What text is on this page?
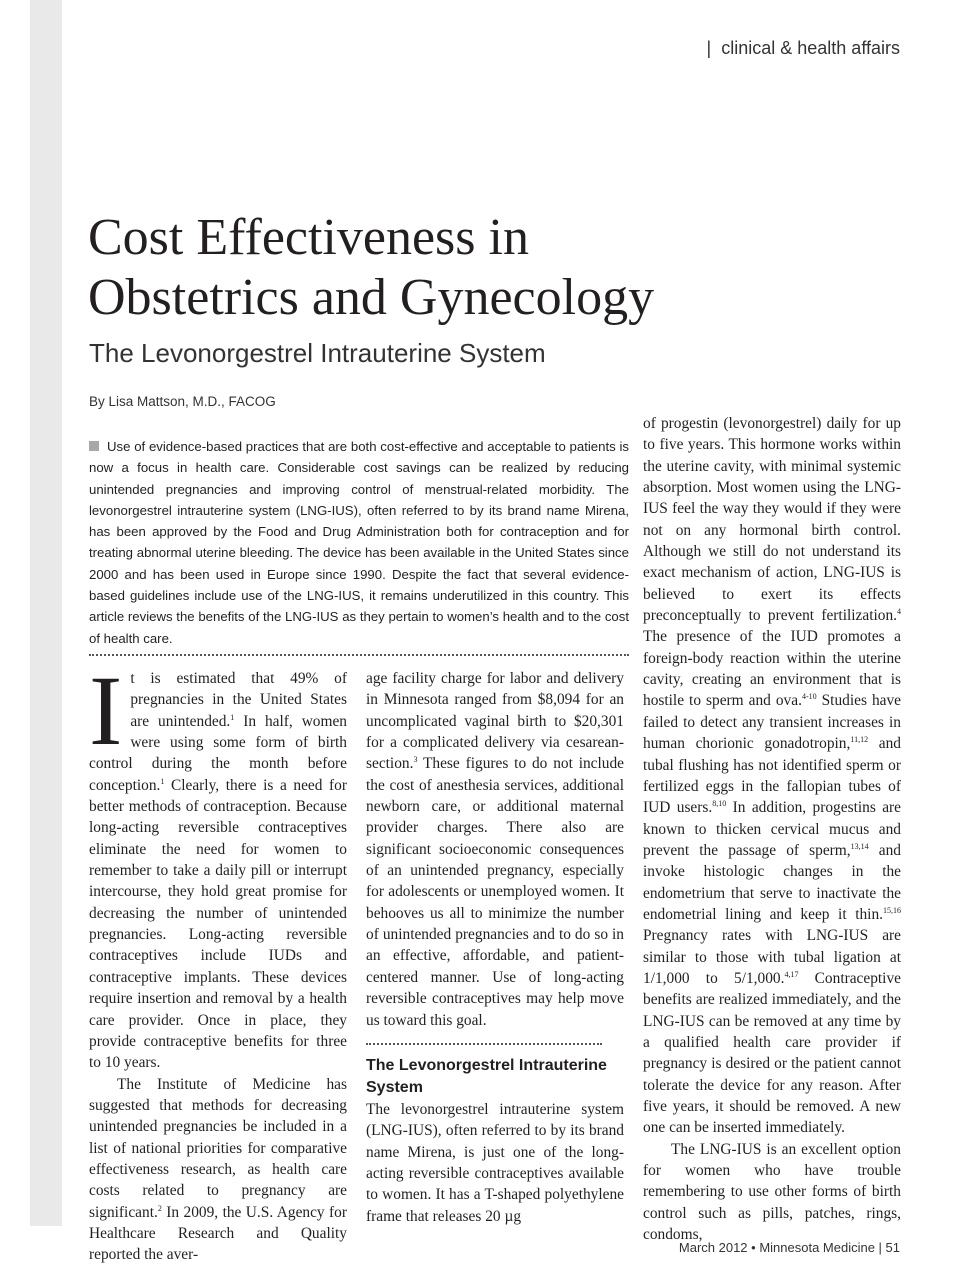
| clinical & health affairs
Cost Effectiveness in
Obstetrics and Gynecology
The Levonorgestrel Intrauterine System
By Lisa Mattson, M.D., FACOG

Use of evidence-based practices that are both cost-effective and acceptable to patients is now a focus in health care. Considerable cost savings can be realized by reducing unintended pregnancies and improving control of menstrual-related morbidity. The levonorgestrel intrauterine system (LNG-IUS), often referred to by its brand name Mirena, has been approved by the Food and Drug Administration both for contraception and for treating abnormal uterine bleeding. The device has been available in the United States since 2000 and has been used in Europe since 1990. Despite the fact that several evidence-based guidelines include use of the LNG-IUS, it remains underutilized in this country. This article reviews the benefits of the LNG-IUS as they pertain to women’s health and to the cost of health care.

It is estimated that 49% of pregnancies in the United States are unintended.$^1$ In half, women were using some form of birth control during the month before conception.$^1$ Clearly, there is a need for better methods of contraception. Because long-acting reversible contraceptives eliminate the need for women to remember to take a daily pill or interrupt intercourse, they hold great promise for decreasing the number of unintended pregnancies. Long-acting reversible contraceptives include IUDs and contraceptive implants. These devices require insertion and removal by a health care provider. Once in place, they provide contraceptive benefits for three to 10 years.

The Institute of Medicine has suggested that methods for decreasing unintended pregnancies be included in a list of national priorities for comparative effectiveness research, as health care costs related to pregnancy are significant.$^2$ In 2009, the U.S. Agency for Healthcare Research and Quality reported the aver-

age facility charge for labor and delivery in Minnesota ranged from $8,094 for an uncomplicated vaginal birth to $20,301 for a complicated delivery via cesarean-section.$^3$ These figures to do not include the cost of anesthesia services, additional newborn care, or additional maternal provider charges. There also are significant socioeconomic consequences of an unintended pregnancy, especially for adolescents or unemployed women. It behooves us all to minimize the number of unintended pregnancies and to do so in an effective, affordable, and patient-centered manner. Use of long-acting reversible contraceptives may help move us toward this goal.

The Levonorgestrel Intrauterine System

The levonorgestrel intrauterine system (LNG-IUS), often referred to by its brand name Mirena, is just one of the long-acting reversible contraceptives available to women. It has a T-shaped polyethylene frame that releases 20 µg

of progestin (levonorgestrel) daily for up to five years. This hormone works within the uterine cavity, with minimal systemic absorption. Most women using the LNG-IUS feel the way they would if they were not on any hormonal birth control. Although we still do not understand its exact mechanism of action, LNG-IUS is believed to exert its effects preconceptually to prevent fertilization.$^4$ The presence of the IUD promotes a foreign-body reaction within the uterine cavity, creating an environment that is hostile to sperm and ova.$^{4-10}$ Studies have failed to detect any transient increases in human chorionic gonadotropin,$^{11,12}$ and tubal flushing has not identified sperm or fertilized eggs in the fallopian tubes of IUD users.$^{8,10}$ In addition, progestins are known to thicken cervical mucus and prevent the passage of sperm,$^{13,14}$ and invoke histologic changes in the endometrium that serve to inactivate the endometrial lining and keep it thin.$^{15,16}$ Pregnancy rates with LNG-IUS are similar to those with tubal ligation at 1/1,000 to 5/1,000.$^{4,17}$ Contraceptive benefits are realized immediately, and the LNG-IUS can be removed at any time by a qualified health care provider if pregnancy is desired or the patient cannot tolerate the device for any reason. After five years, it should be removed. A new one can be inserted immediately.

The LNG-IUS is an excellent option for women who have trouble remembering to use other forms of birth control such as pills, patches, rings, condoms,

March 2012 • Minnesota Medicine | 51
